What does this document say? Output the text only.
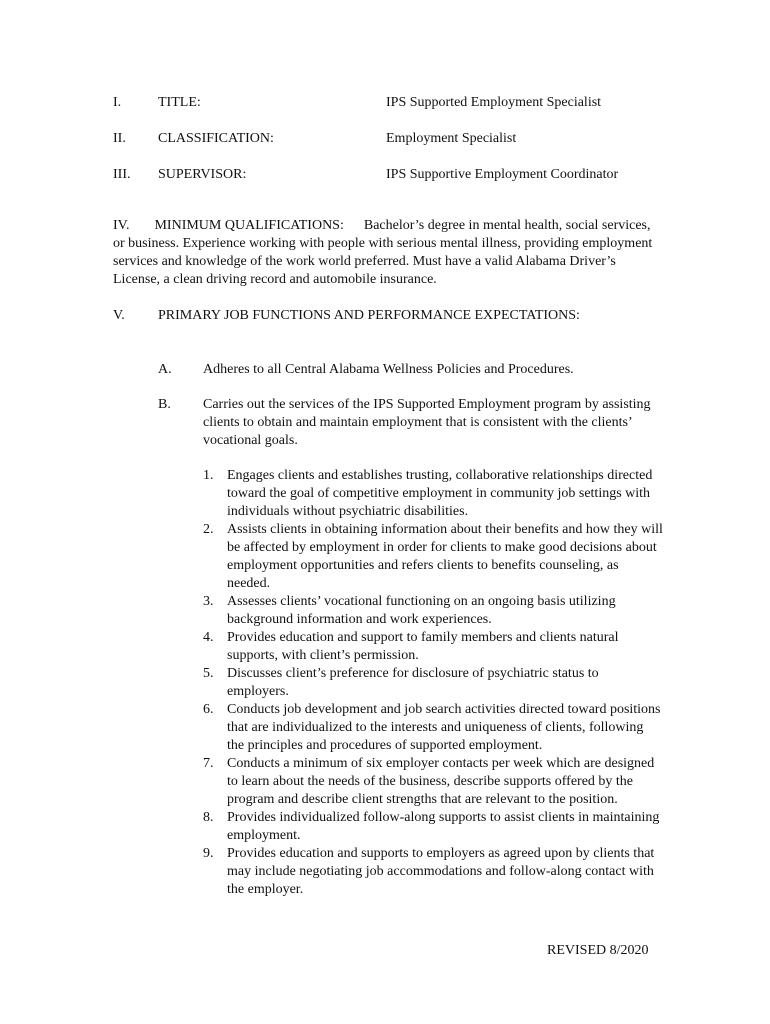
I.	TITLE:	IPS Supported Employment Specialist
II. CLASSIFICATION:	Employment Specialist
III. SUPERVISOR:	IPS Supportive Employment Coordinator
IV. MINIMUM QUALIFICATIONS: Bachelor’s degree in mental health, social services, or business. Experience working with people with serious mental illness, providing employment services and knowledge of the work world preferred. Must have a valid Alabama Driver’s License, a clean driving record and automobile insurance.
V. PRIMARY JOB FUNCTIONS AND PERFORMANCE EXPECTATIONS:
A. Adheres to all Central Alabama Wellness Policies and Procedures.
B. Carries out the services of the IPS Supported Employment program by assisting clients to obtain and maintain employment that is consistent with the clients’ vocational goals.
1. Engages clients and establishes trusting, collaborative relationships directed toward the goal of competitive employment in community job settings with individuals without psychiatric disabilities.
2. Assists clients in obtaining information about their benefits and how they will be affected by employment in order for clients to make good decisions about employment opportunities and refers clients to benefits counseling, as needed.
3. Assesses clients’ vocational functioning on an ongoing basis utilizing background information and work experiences.
4. Provides education and support to family members and clients natural supports, with client’s permission.
5. Discusses client’s preference for disclosure of psychiatric status to employers.
6. Conducts job development and job search activities directed toward positions that are individualized to the interests and uniqueness of clients, following the principles and procedures of supported employment.
7. Conducts a minimum of six employer contacts per week which are designed to learn about the needs of the business, describe supports offered by the program and describe client strengths that are relevant to the position.
8. Provides individualized follow-along supports to assist clients in maintaining employment.
9. Provides education and supports to employers as agreed upon by clients that may include negotiating job accommodations and follow-along contact with the employer.
REVISED 8/2020
